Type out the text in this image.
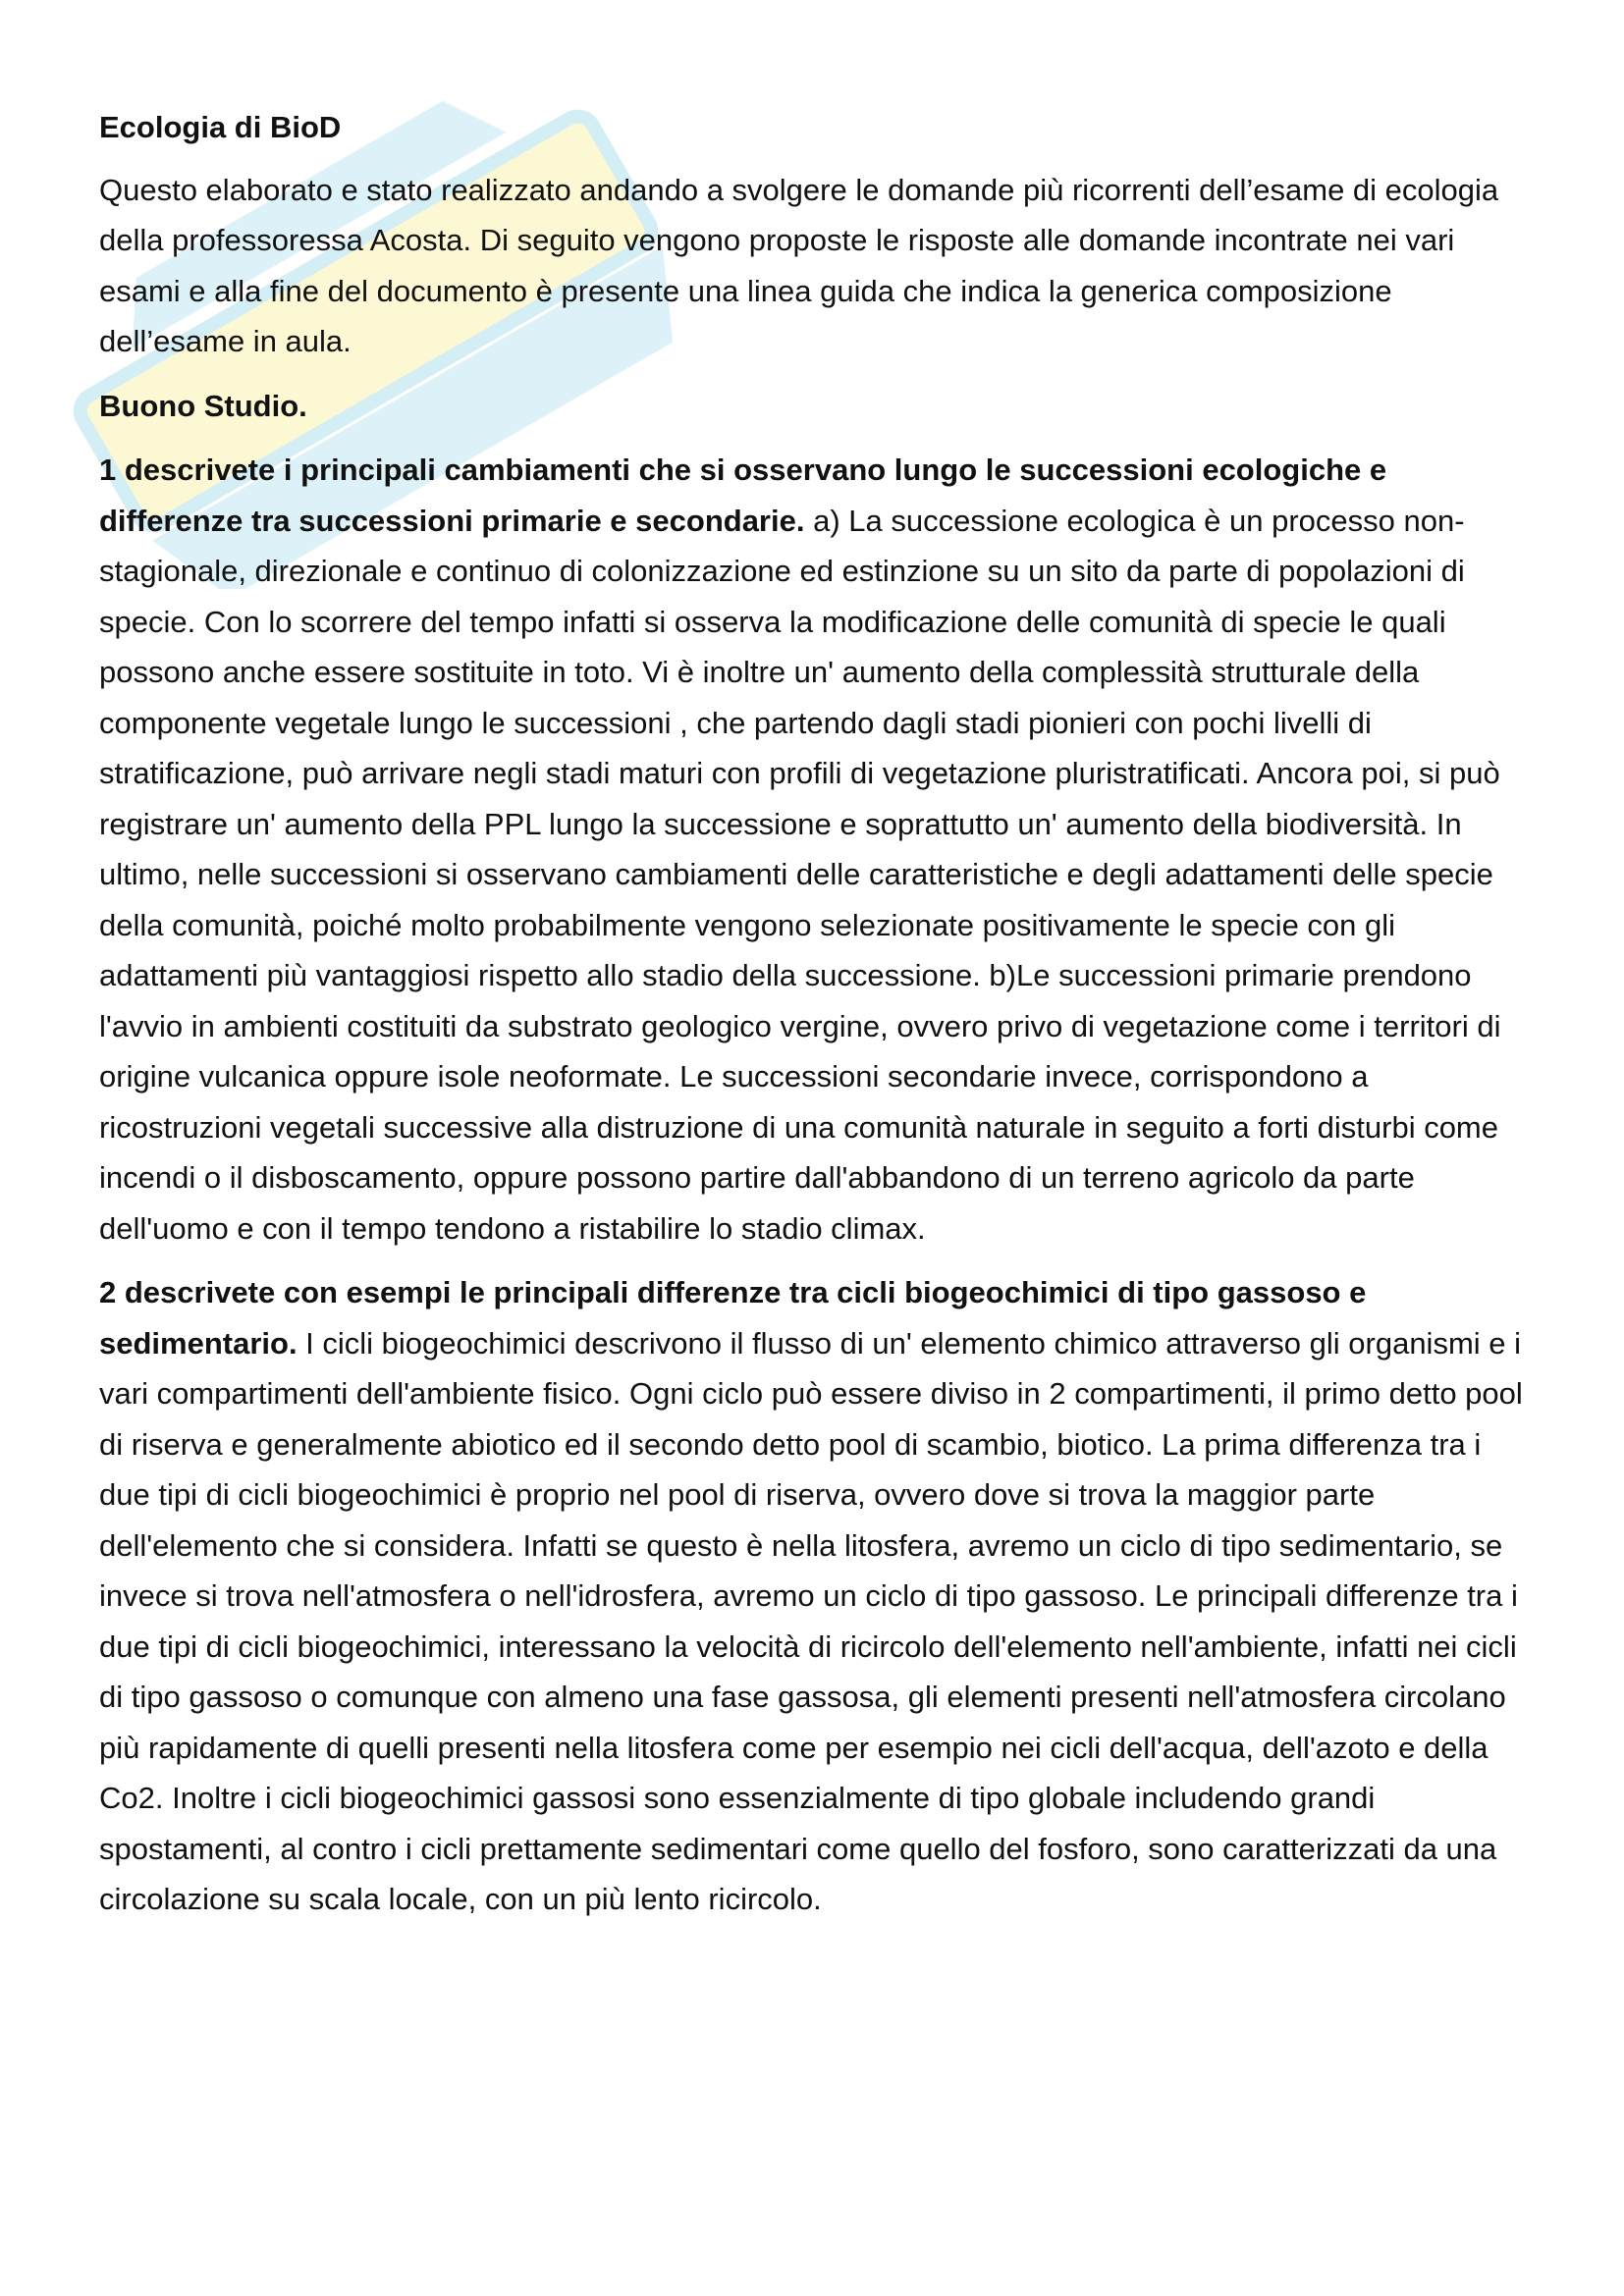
Ecologia di BioD

Questo elaborato e stato realizzato andando a svolgere le domande più ricorrenti dell’esame di ecologia della professoressa Acosta. Di seguito vengono proposte le risposte alle domande incontrate nei vari esami e alla fine del documento è presente una linea guida che indica la generica composizione dell’esame in aula.

Buono Studio.

1 descrivete i principali cambiamenti che si osservano lungo le successioni ecologiche e differenze tra successioni primarie e secondarie. a) La successione ecologica è un processo non-stagionale, direzionale e continuo di colonizzazione ed estinzione su un sito da parte di popolazioni di specie. Con lo scorrere del tempo infatti si osserva la modificazione delle comunità di specie le quali possono anche essere sostituite in toto. Vi è inoltre un' aumento della complessità strutturale della componente vegetale lungo le successioni , che partendo dagli stadi pionieri con pochi livelli di stratificazione, può arrivare negli stadi maturi con profili di vegetazione pluristratificati. Ancora poi, si può registrare un' aumento della PPL lungo la successione e soprattutto un' aumento della biodiversità. In ultimo, nelle successioni si osservano cambiamenti delle caratteristiche e degli adattamenti delle specie della comunità, poiché molto probabilmente vengono selezionate positivamente le specie con gli adattamenti più vantaggiosi rispetto allo stadio della successione. b)Le successioni primarie prendono l'avvio in ambienti costituiti da substrato geologico vergine, ovvero privo di vegetazione come i territori di origine vulcanica oppure isole neoformate. Le successioni secondarie invece, corrispondono a ricostruzioni vegetali successive alla distruzione di una comunità naturale in seguito a forti disturbi come incendi o il disboscamento, oppure possono partire dall'abbandono di un terreno agricolo da parte dell'uomo e con il tempo tendono a ristabilire lo stadio climax.

2 descrivete con esempi le principali differenze tra cicli biogeochimici di tipo gassoso e sedimentario. I cicli biogeochimici descrivono il flusso di un' elemento chimico attraverso gli organismi e i vari compartimenti dell'ambiente fisico. Ogni ciclo può essere diviso in 2 compartimenti, il primo detto pool di riserva e generalmente abiotico ed il secondo detto pool di scambio, biotico. La prima differenza tra i due tipi di cicli biogeochimici è proprio nel pool di riserva, ovvero dove si trova la maggior parte dell'elemento che si considera. Infatti se questo è nella litosfera, avremo un ciclo di tipo sedimentario, se invece si trova nell'atmosfera o nell'idrosfera, avremo un ciclo di tipo gassoso. Le principali differenze tra i due tipi di cicli biogeochimici, interessano la velocità di ricircolo dell'elemento nell'ambiente, infatti nei cicli di tipo gassoso o comunque con almeno una fase gassosa, gli elementi presenti nell'atmosfera circolano più rapidamente di quelli presenti nella litosfera come per esempio nei cicli dell'acqua, dell'azoto e della Co2. Inoltre i cicli biogeochimici gassosi sono essenzialmente di tipo globale includendo grandi spostamenti, al contro i cicli prettamente sedimentari come quello del fosforo, sono caratterizzati da una circolazione su scala locale, con un più lento ricircolo.
